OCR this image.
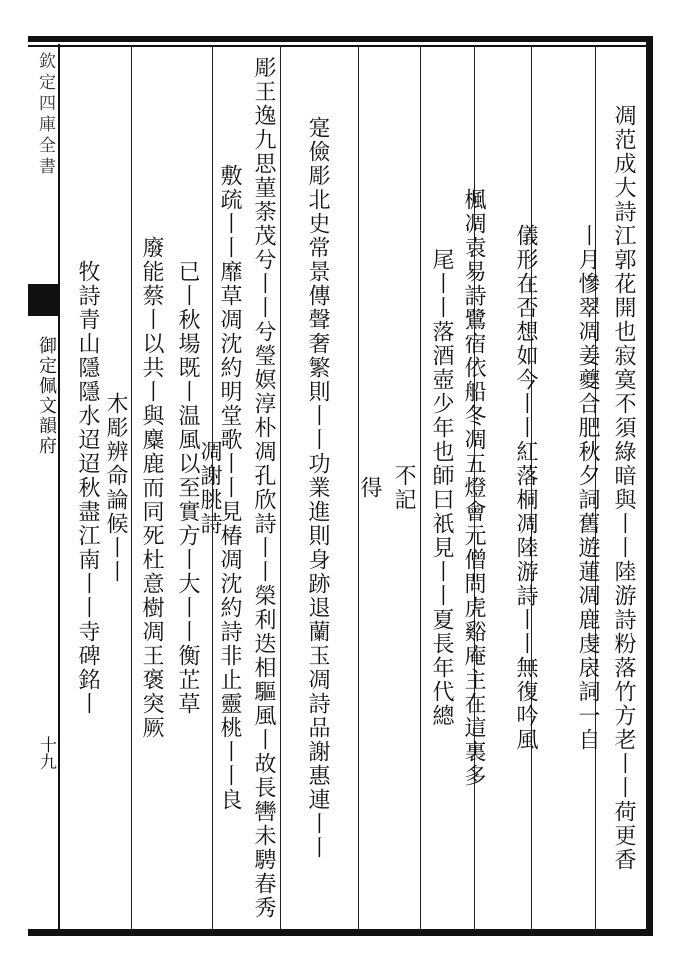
欽定四庫全書
御定佩文韻府
十九	凋范成大詩江郭花開也寂寞不須綠暗與丨丨陸游詩粉落竹方老丨丨荷更香
丨月慘翠凋姜夔合肥秋夕詞舊遊蓮凋鹿虔扆詞一自
儀形在否想如今丨丨紅落桐凋陸游詩丨丨無復吟風
楓凋袁易詩鷺宿依船冬凋五燈會元僧問虎谿庵主在這裏多
尾丨丨落酒壺少年也師曰祇見丨丨夏長年代總
不記
得
寔儉彫北史常景傳聲奢繁則丨丨功業進則身跡退蘭玉凋詩品謝惠連丨丨
彫王逸九思菫荼茂兮丨丨兮瑩嫇淳朴凋孔欣詩丨丨榮利迭相驅風丨故長轡未騁春秀凋謝朓詩
敷疏丨丨靡草凋沈約明堂歌丨丨見椿凋沈約詩非止靈桃丨丨良
已丨秋場既丨温風以至實方丨大丨丨衡芷草
廢能蔡丨以共丨與麋鹿而同死杜意樹凋王褒突厥
木彫辨命論候丨丨
牧詩青山隱隱水迢迢秋盡江南丨丨寺碑銘丨
